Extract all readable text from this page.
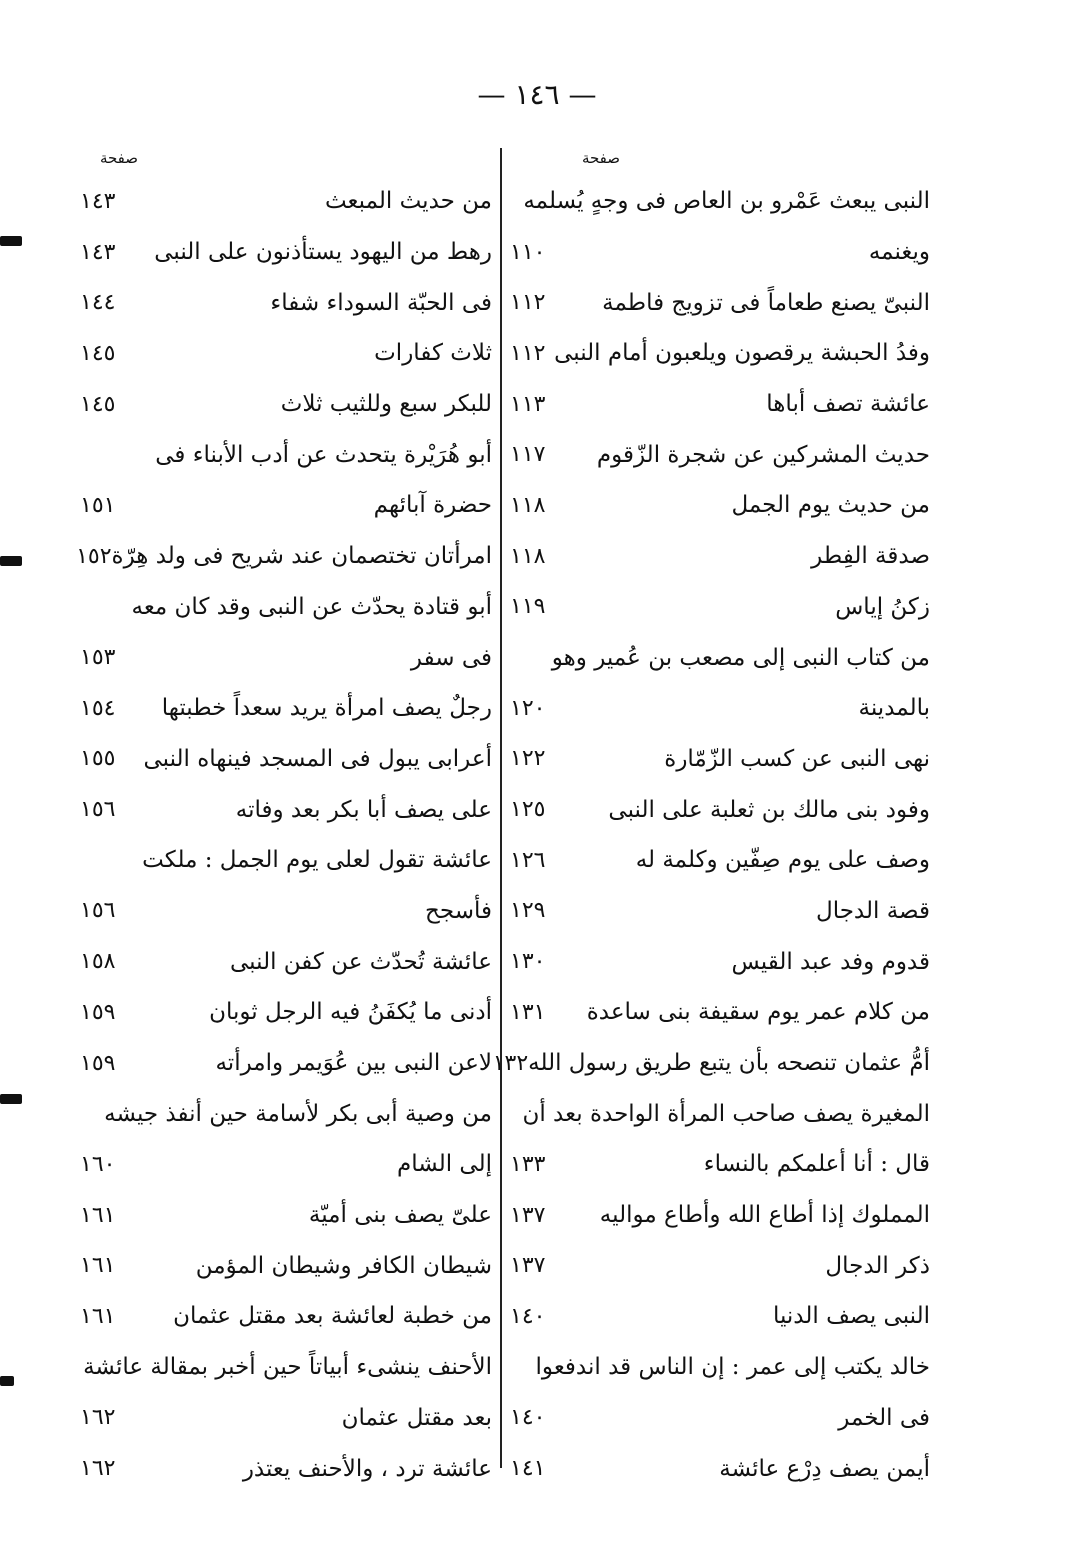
— ١٤٦ —
صفحة
النبى يبعث عَمْرو بن العاص فى وجهٍ يُسلمه
ويغنمه
١١٠
النبىّ يصنع طعاماً فى تزويج فاطمة
١١٢
وفدُ الحبشة يرقصون ويلعبون أمام النبى
١١٢
عائشة تصف أباها
١١٣
حديث المشركين عن شجرة الزّقوم
١١٧
من حديث يوم الجمل
١١٨
صدقة الفِطر
١١٨
زكنُ إياس
١١٩
من كتاب النبى إلى مصعب بن عُمير وهو
بالمدينة
١٢٠
نهى النبى عن كسب الزّمّارة
١٢٢
وفود بنى مالك بن ثعلبة على النبى
١٢٥
وصف على يوم صِفّين وكلمة له
١٢٦
قصة الدجال
١٢٩
قدوم وفد عبد القيس
١٣٠
من كلام عمر يوم سقيفة بنى ساعدة
١٣١
أمُّ عثمان تنصحه بأن يتبع طريق رسول الله
١٣٢
المغيرة يصف صاحب المرأة الواحدة بعد أن
قال : أنا أعلمكم بالنساء
١٣٣
المملوك إذا أطاع الله وأطاع مواليه
١٣٧
ذكر الدجال
١٣٧
النبى يصف الدنيا
١٤٠
خالد يكتب إلى عمر : إن الناس قد اندفعوا
فى الخمر
١٤٠
أيمن يصف دِرْع عائشة
١٤١
صفحة
من حديث المبعث
١٤٣
رهط من اليهود يستأذنون على النبى
١٤٣
فى الحبّة السوداء شفاء
١٤٤
ثلاث كفارات
١٤٥
للبكر سبع وللثيب ثلاث
١٤٥
أبو هُرَيْرة يتحدث عن أدب الأبناء فى
حضرة آبائهم
١٥١
امرأتان تختصمان عند شريح فى ولد هِرّة
١٥٢
أبو قتادة يحدّث عن النبى وقد كان معه
فى سفر
١٥٣
رجلٌ يصف امرأة يريد سعداً خطبتها
١٥٤
أعرابى يبول فى المسجد فينهاه النبى
١٥٥
على يصف أبا بكر بعد وفاته
١٥٦
عائشة تقول لعلى يوم الجمل : ملكت
فأسجح
١٥٦
عائشة تُحدّث عن كفن النبى
١٥٨
أدنى ما يُكفَنُ فيه الرجل ثوبان
١٥٩
لاعن النبى بين عُوَيمر وامرأته
١٥٩
من وصية أبى بكر لأسامة حين أنفذ جيشه
إلى الشام
١٦٠
علىّ يصف بنى أميّة
١٦١
شيطان الكافر وشيطان المؤمن
١٦١
من خطبة لعائشة بعد مقتل عثمان
١٦١
الأحنف ينشىء أبياتاً حين أخبر بمقالة عائشة
بعد مقتل عثمان
١٦٢
عائشة ترد ، والأحنف يعتذر
١٦٢
